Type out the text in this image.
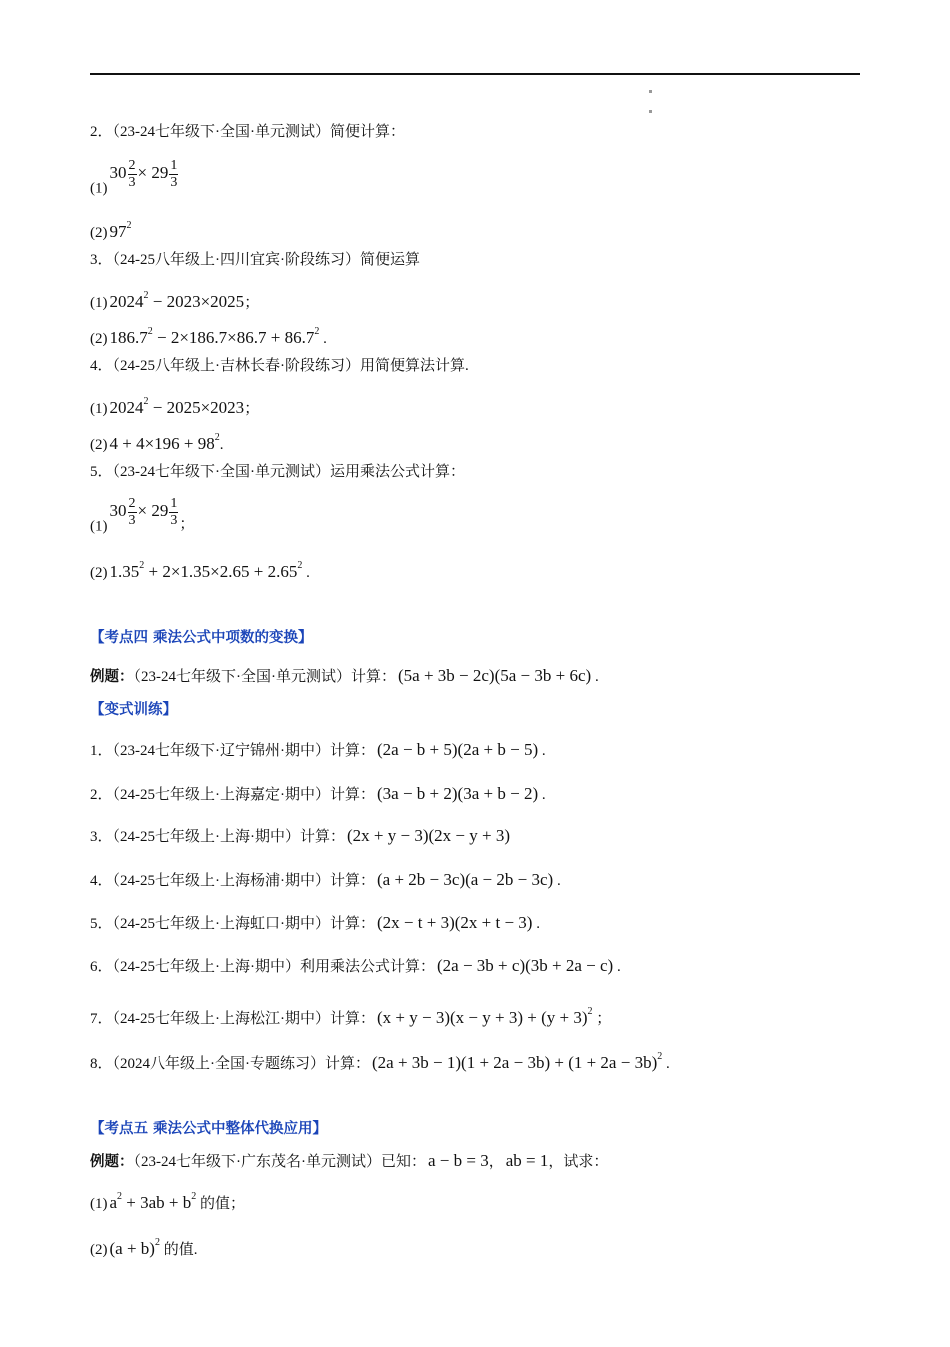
2．（23-24七年级下·全国·单元测试）简便计算：
$(1)30 \frac{2}{3} \times 29 \frac{1}{3}$
(2) $97^2$
3．（24-25八年级上·四川宜宾·阶段练习）简便运算
(1) $2024^2 - 2023\times 2025$；
(2) $186.7^2 - 2\times 186.7\times 86.7 + 86.7^2$ .
4．（24-25八年级上·吉林长春·阶段练习）用简便算法计算.
(1) $2024^2 - 2025\times 2023$；
(2) $4 + 4\times 196 + 98^2$.
5．（23-24七年级下·全国·单元测试）运用乘法公式计算：
$(1)30 \frac{2}{3} \times 29 \frac{1}{3}$ ；
(2) $1.35^2 + 2\times 1.35\times 2.65 + 2.65^2$ .
【考点四 乘法公式中项数的变换】
例题：（23-24七年级下·全国·单元测试）计算： (5a + 3b − 2c)(5a − 3b + 6c) .
【变式训练】
1．（23-24七年级下·辽宁锦州·期中）计算： (2a − b + 5)(2a + b − 5) .
2．（24-25七年级上·上海嘉定·期中）计算： (3a − b + 2)(3a + b − 2) .
3．（24-25七年级上·上海·期中）计算： (2x + y − 3)(2x − y + 3)
4．（24-25七年级上·上海杨浦·期中）计算： (a + 2b − 3c)(a − 2b − 3c) .
5．（24-25七年级上·上海虹口·期中）计算： (2x − t + 3)(2x + t − 3) .
6．（24-25七年级上·上海·期中）利用乘法公式计算： (2a − 3b + c)(3b + 2a − c) .
7．（24-25七年级上·上海松江·期中）计算： $(x + y - 3)(x - y + 3) + (y + 3)^2$ ；
8．（2024八年级上·全国·专题练习）计算： $(2a + 3b - 1)(1 + 2a - 3b) + (1 + 2a - 3b)^2$ .
【考点五 乘法公式中整体代换应用】
例题：（23-24七年级下·广东茂名·单元测试）已知： a − b = 3， ab = 1，试求：
(1) $a^2 + 3ab + b^2$ 的值；
(2) $(a + b)^2$ 的值.
